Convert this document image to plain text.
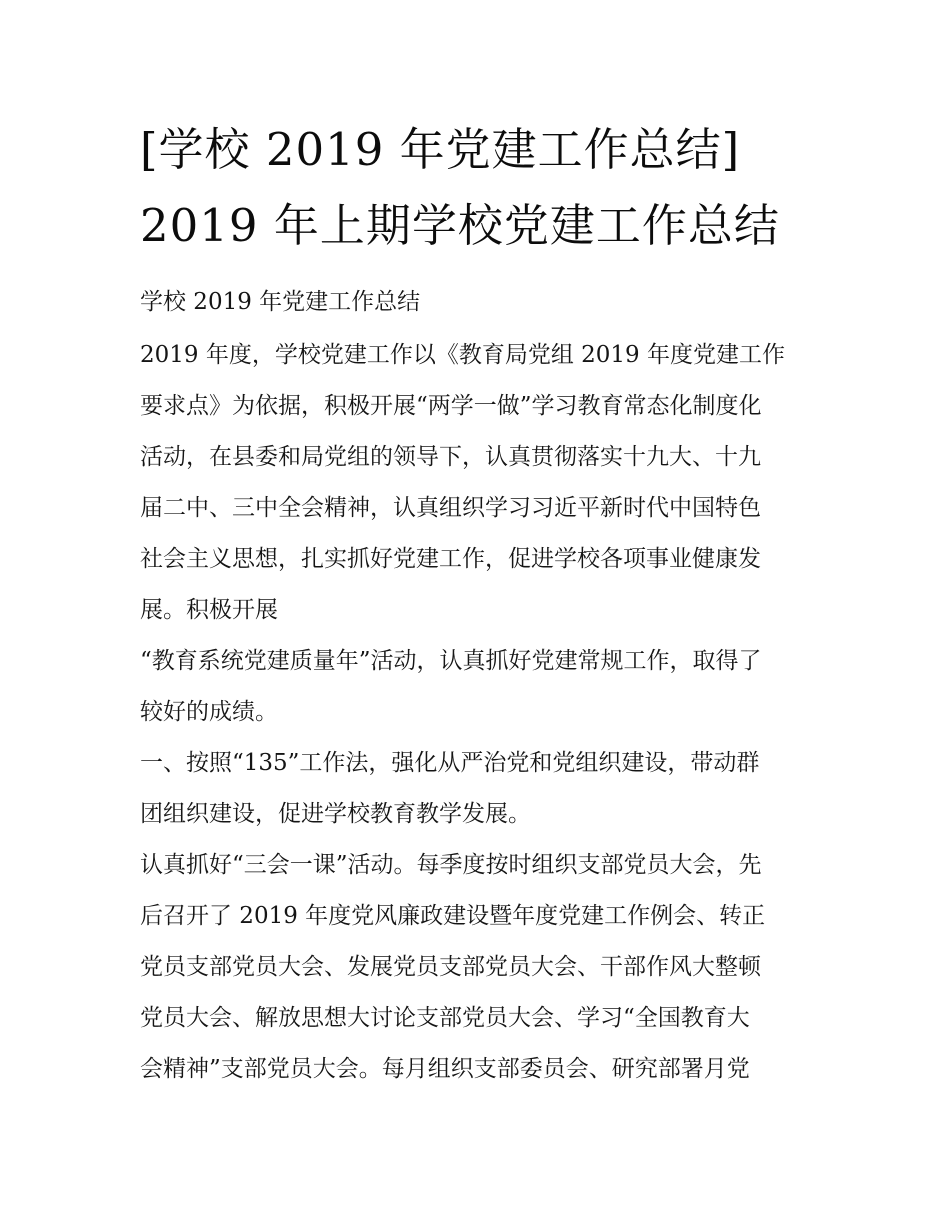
[学校 2019 年党建工作总结]
2019 年上期学校党建工作总结

学校 2019 年党建工作总结

2019 年度，学校党建工作以《教育局党组 2019 年度党建工作

要求点》为依据，积极开展“两学一做”学习教育常态化制度化

活动，在县委和局党组的领导下，认真贯彻落实十九大、十九

届二中、三中全会精神，认真组织学习习近平新时代中国特色

社会主义思想，扎实抓好党建工作，促进学校各项事业健康发

展。积极开展

“教育系统党建质量年”活动，认真抓好党建常规工作，取得了

较好的成绩。

一、按照“135”工作法，强化从严治党和党组织建设，带动群

团组织建设，促进学校教育教学发展。

认真抓好“三会一课”活动。每季度按时组织支部党员大会，先

后召开了 2019 年度党风廉政建设暨年度党建工作例会、转正

党员支部党员大会、发展党员支部党员大会、干部作风大整顿

党员大会、解放思想大讨论支部党员大会、学习“全国教育大

会精神”支部党员大会。每月组织支部委员会、研究部署月党
